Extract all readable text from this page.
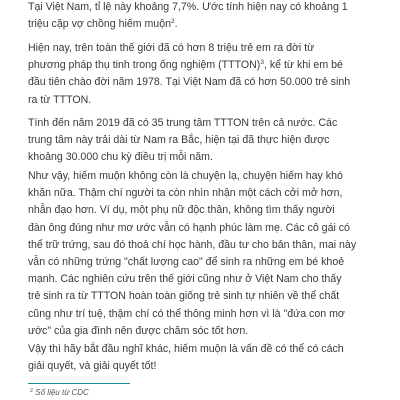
Tại Việt Nam, tỉ lệ này khoảng 7,7%. Ước tính hiện nay có khoảng 1
triệu cặp vợ chồng hiếm muộn$^2$.
Hiện nay, trên toàn thế giới đã có hơn 8 triệu trẻ em ra đời từ
phương pháp thụ tinh trong ống nghiệm (TTTON)$^3$, kể từ khi em bé
đầu tiên chào đời năm 1978. Tại Việt Nam đã có hơn 50.000 trẻ sinh
ra từ TTTON.
Tính đến năm 2019 đã có 35 trung tâm TTTON trên cả nước. Các
trung tâm này trải dài từ Nam ra Bắc, hiện tại đã thực hiện được
khoảng 30.000 chu kỳ điều trị mỗi năm.
Như vậy, hiếm muộn không còn là chuyện lạ, chuyện hiếm hay khó
khăn nữa. Thậm chí người ta còn nhìn nhận một cách cởi mở hơn,
nhẫn đạo hơn. Ví dụ, một phụ nữ độc thân, không tìm thấy người
đàn ông đúng như mơ ước vẫn có hạnh phúc làm mẹ. Các cô gái có
thể trữ trứng, sau đó thoả chí học hành, đầu tư cho bản thân, mai này
vẫn có những trứng "chất lượng cao" để sinh ra những em bé khoẻ
mạnh. Các nghiên cứu trên thế giới cũng như ở Việt Nam cho thấy
trẻ sinh ra từ TTTON hoàn toàn giống trẻ sinh tự nhiên về thể chất
cũng như trí tuệ, thậm chí có thể thông minh hơn vì là "đứa con mơ
ước" của gia đình nên được chăm sóc tốt hơn.
Vậy thì hãy bắt đầu nghĩ khác, hiếm muộn là vấn đề có thể có cách
giải quyết, và giải quyết tốt!
$^2$ Số liệu từ CDC
